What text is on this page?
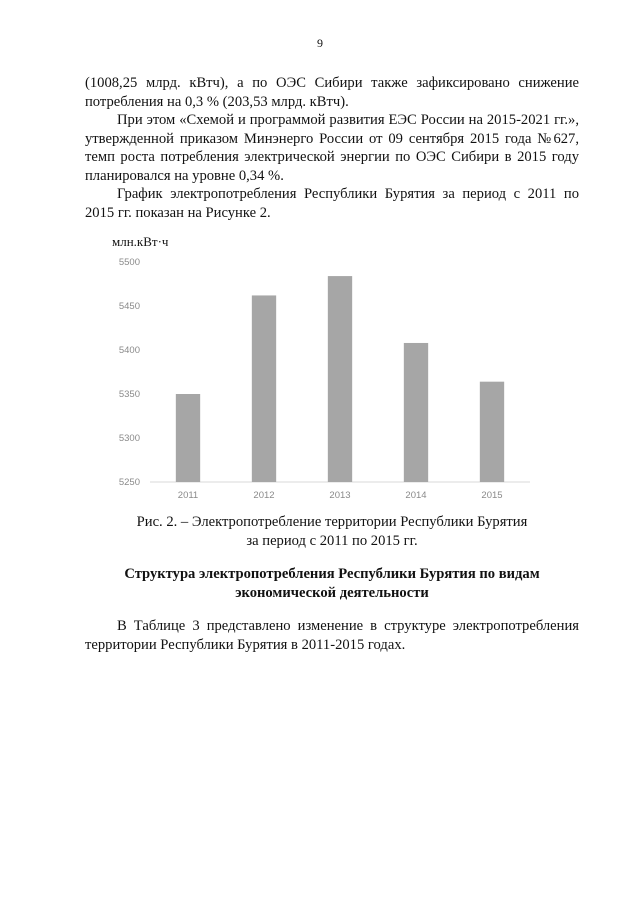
9

(1008,25 млрд. кВтч), а по ОЭС Сибири также зафиксировано снижение потребления на 0,3 % (203,53 млрд. кВтч).

При этом «Схемой и программой развития ЕЭС России на 2015-2021 гг.», утвержденной приказом Минэнерго России от 09 сентября 2015 года №627, темп роста потребления электрической энергии по ОЭС Сибири в 2015 году планировался на уровне 0,34 %.

График электропотребления Республики Бурятия за период с 2011 по 2015 гг. показан на Рисунке 2.

млн.кВт·ч
5250
5300
5350
5400
5450
5500
2011	2012	2013	2014	2015
Рис. 2. – Электропотребление территории Республики Бурятия
за период с 2011 по 2015 гг.
Структура электропотребления Республики Бурятия по видам
экономической деятельности

В Таблице 3 представлено изменение в структуре электропотребления территории Республики Бурятия в 2011-2015 годах.
